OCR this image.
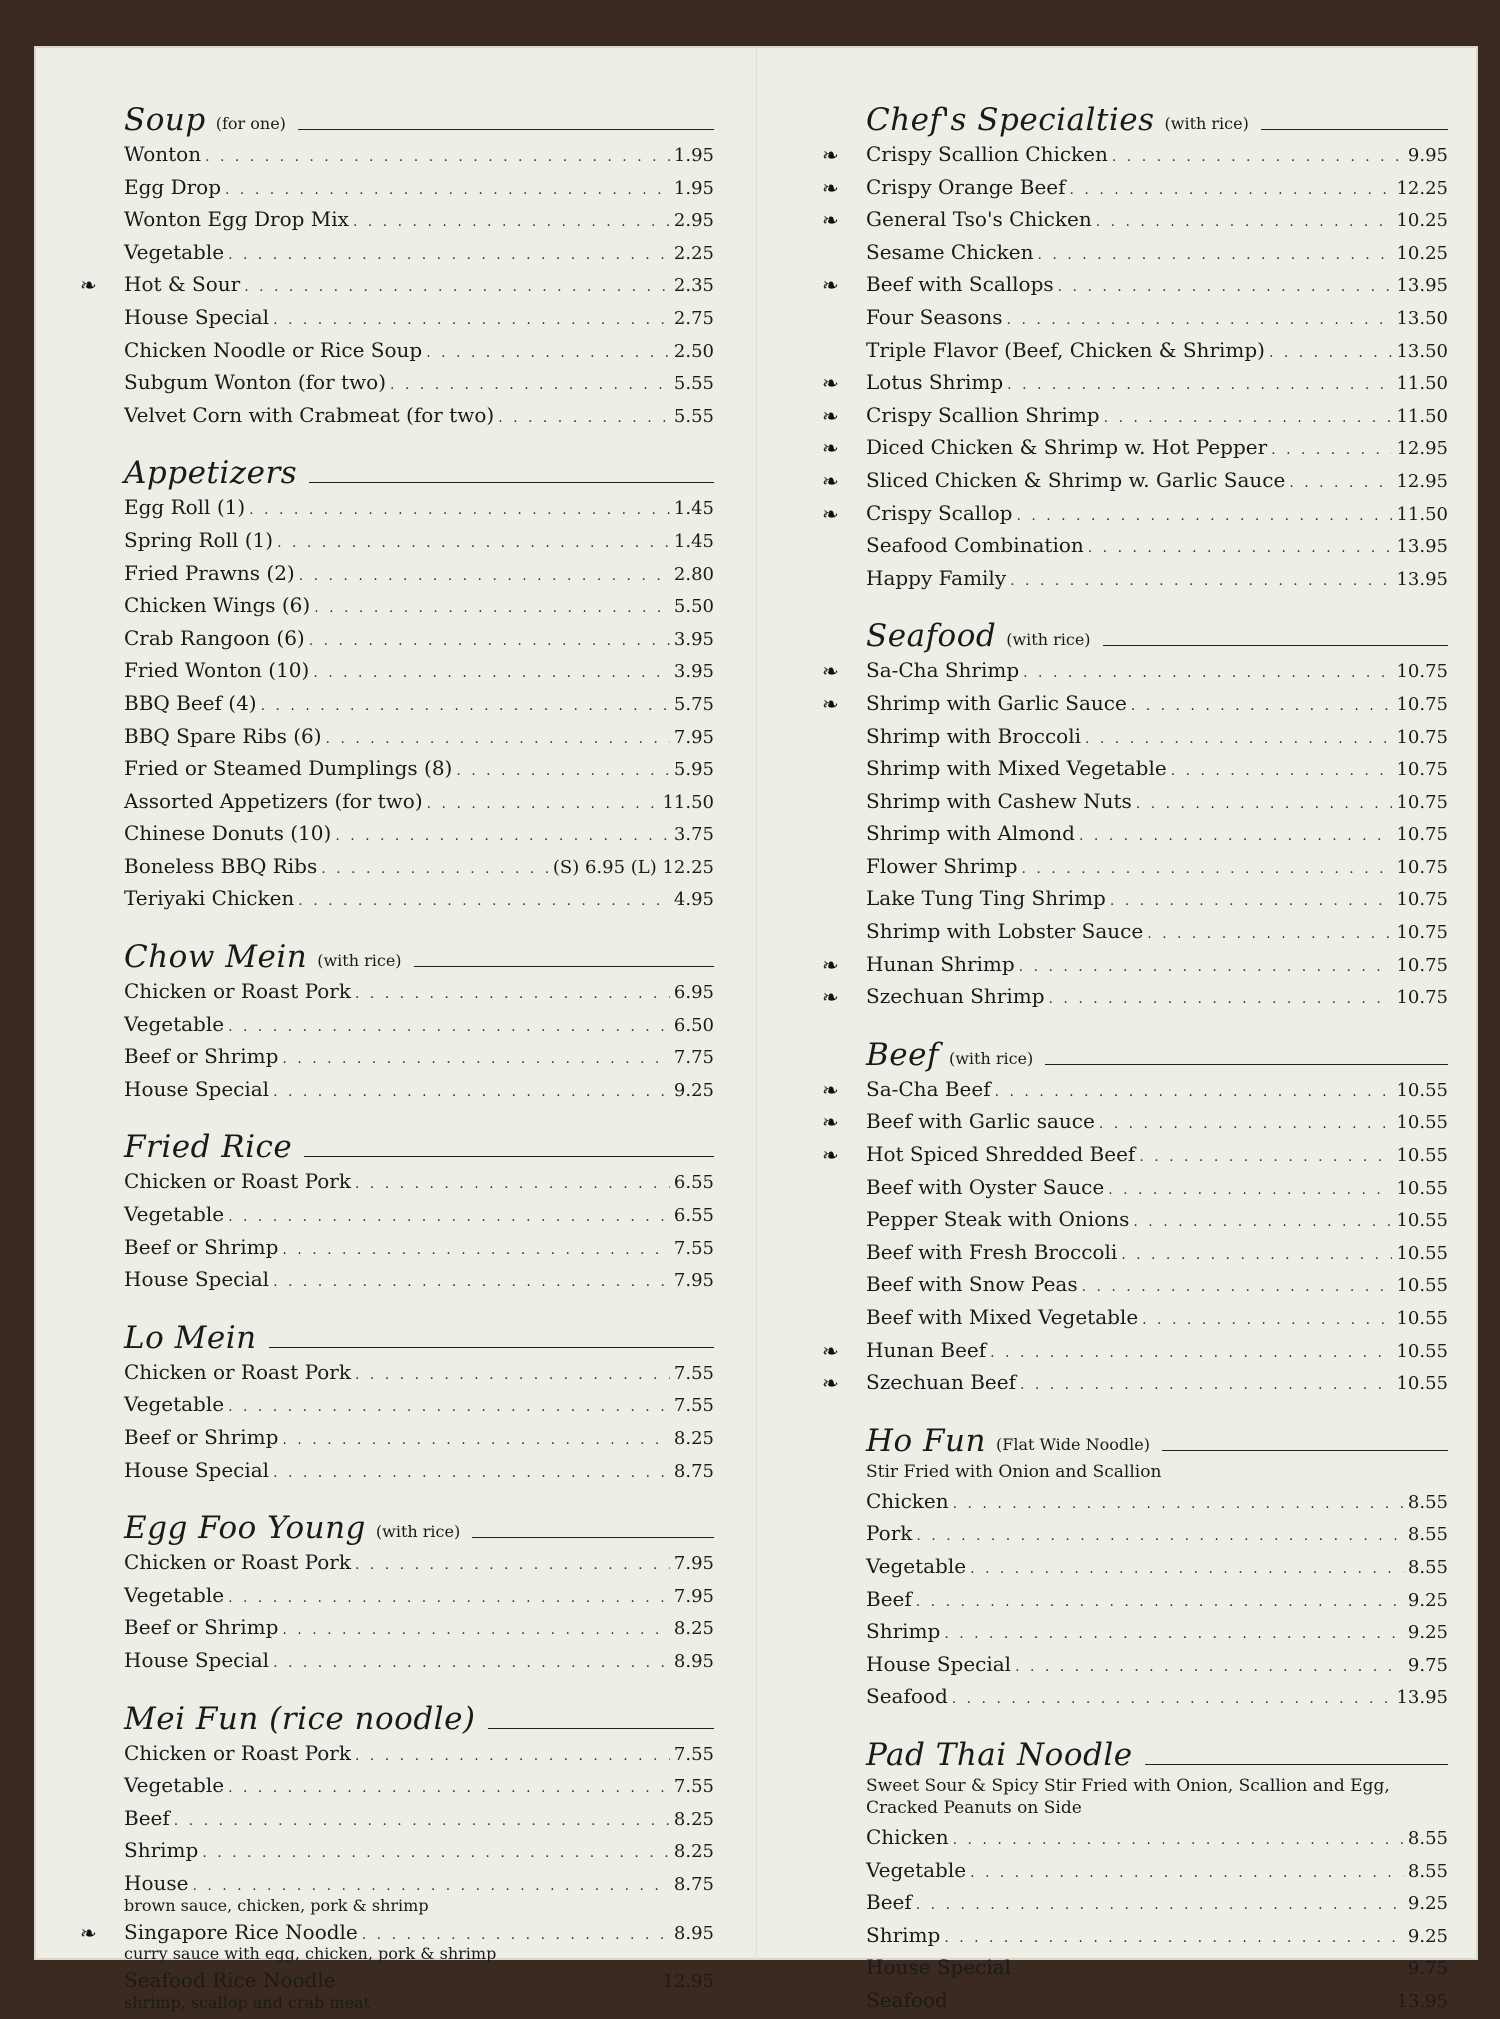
Soup (for one)
Wonton . . .	1.95
Egg Drop . . .	1.95
Wonton Egg Drop Mix . . .	2.95
Vegetable . . .	2.25
❧ Hot & Sour . . .	2.35
House Special . . .	2.75
Chicken Noodle or Rice Soup . . .	2.50
Subgum Wonton (for two) . . .	5.55
Velvet Corn with Crabmeat (for two) . . .	5.55
Appetizers
Egg Roll (1) . . .	1.45
Spring Roll (1) . . .	1.45
Fried Prawns (2) . . .	2.80
Chicken Wings (6) . . .	5.50
Crab Rangoon (6) . . .	3.95
Fried Wonton (10) . . .	3.95
BBQ Beef (4) . . .	5.75
BBQ Spare Ribs (6) . . .	7.95
Fried or Steamed Dumplings (8) . . .	5.95
Assorted Appetizers (for two) . . .	11.50
Chinese Donuts (10) . . .	3.75
Boneless BBQ Ribs . . .	(S) 6.95 (L) 12.25
Teriyaki Chicken . . .	4.95
Chow Mein (with rice)
Chicken or Roast Pork . . .	6.95
Vegetable . . .	6.50
Beef or Shrimp . . .	7.75
House Special . . .	9.25
Fried Rice
Chicken or Roast Pork . . .	6.55
Vegetable . . .	6.55
Beef or Shrimp . . .	7.55
House Special . . .	7.95
Lo Mein
Chicken or Roast Pork . . .	7.55
Vegetable . . .	7.55
Beef or Shrimp . . .	8.25
House Special . . .	8.75
Egg Foo Young (with rice)
Chicken or Roast Pork . . .	7.95
Vegetable . . .	7.95
Beef or Shrimp . . .	8.25
House Special . . .	8.95
Mei Fun (rice noodle)
Chicken or Roast Pork . . .	7.55
Vegetable . . .	7.55
Beef . . .	8.25
Shrimp . . .	8.25
House . . .	8.75
brown sauce, chicken, pork & shrimp
❧ Singapore Rice Noodle . . .	8.95
curry sauce with egg, chicken, pork & shrimp
Seafood Rice Noodle . . .	12.95
shrimp, scallop and crab meat
Chef's Specialties (with rice)
❧ Crispy Scallion Chicken . . .	9.95
❧ Crispy Orange Beef . . .	12.25
❧ General Tso's Chicken . . .	10.25
Sesame Chicken . . .	10.25
❧ Beef with Scallops . . .	13.95
Four Seasons . . .	13.50
Triple Flavor (Beef, Chicken & Shrimp) . . .	13.50
❧ Lotus Shrimp . . .	11.50
❧ Crispy Scallion Shrimp . . .	11.50
❧ Diced Chicken & Shrimp w. Hot Pepper . . .	12.95
❧ Sliced Chicken & Shrimp w. Garlic Sauce . . .	12.95
❧ Crispy Scallop . . .	11.50
Seafood Combination . . .	13.95
Happy Family . . .	13.95
Seafood (with rice)
❧ Sa-Cha Shrimp . . .	10.75
❧ Shrimp with Garlic Sauce . . .	10.75
Shrimp with Broccoli . . .	10.75
Shrimp with Mixed Vegetable . . .	10.75
Shrimp with Cashew Nuts . . .	10.75
Shrimp with Almond . . .	10.75
Flower Shrimp . . .	10.75
Lake Tung Ting Shrimp . . .	10.75
Shrimp with Lobster Sauce . . .	10.75
❧ Hunan Shrimp . . .	10.75
❧ Szechuan Shrimp . . .	10.75
Beef (with rice)
❧ Sa-Cha Beef . . .	10.55
❧ Beef with Garlic sauce . . .	10.55
❧ Hot Spiced Shredded Beef . . .	10.55
Beef with Oyster Sauce . . .	10.55
Pepper Steak with Onions . . .	10.55
Beef with Fresh Broccoli . . .	10.55
Beef with Snow Peas . . .	10.55
Beef with Mixed Vegetable . . .	10.55
❧ Hunan Beef . . .	10.55
❧ Szechuan Beef . . .	10.55
Ho Fun (Flat Wide Noodle)
Stir Fried with Onion and Scallion
Chicken . . .	8.55
Pork . . .	8.55
Vegetable . . .	8.55
Beef . . .	9.25
Shrimp . . .	9.25
House Special . . .	9.75
Seafood . . .	13.95
Pad Thai Noodle
Sweet Sour & Spicy Stir Fried with Onion, Scallion and Egg, Cracked Peanuts on Side
Chicken . . .	8.55
Vegetable . . .	8.55
Beef . . .	9.25
Shrimp . . .	9.25
House Special . . .	9.75
Seafood . . .	13.95
